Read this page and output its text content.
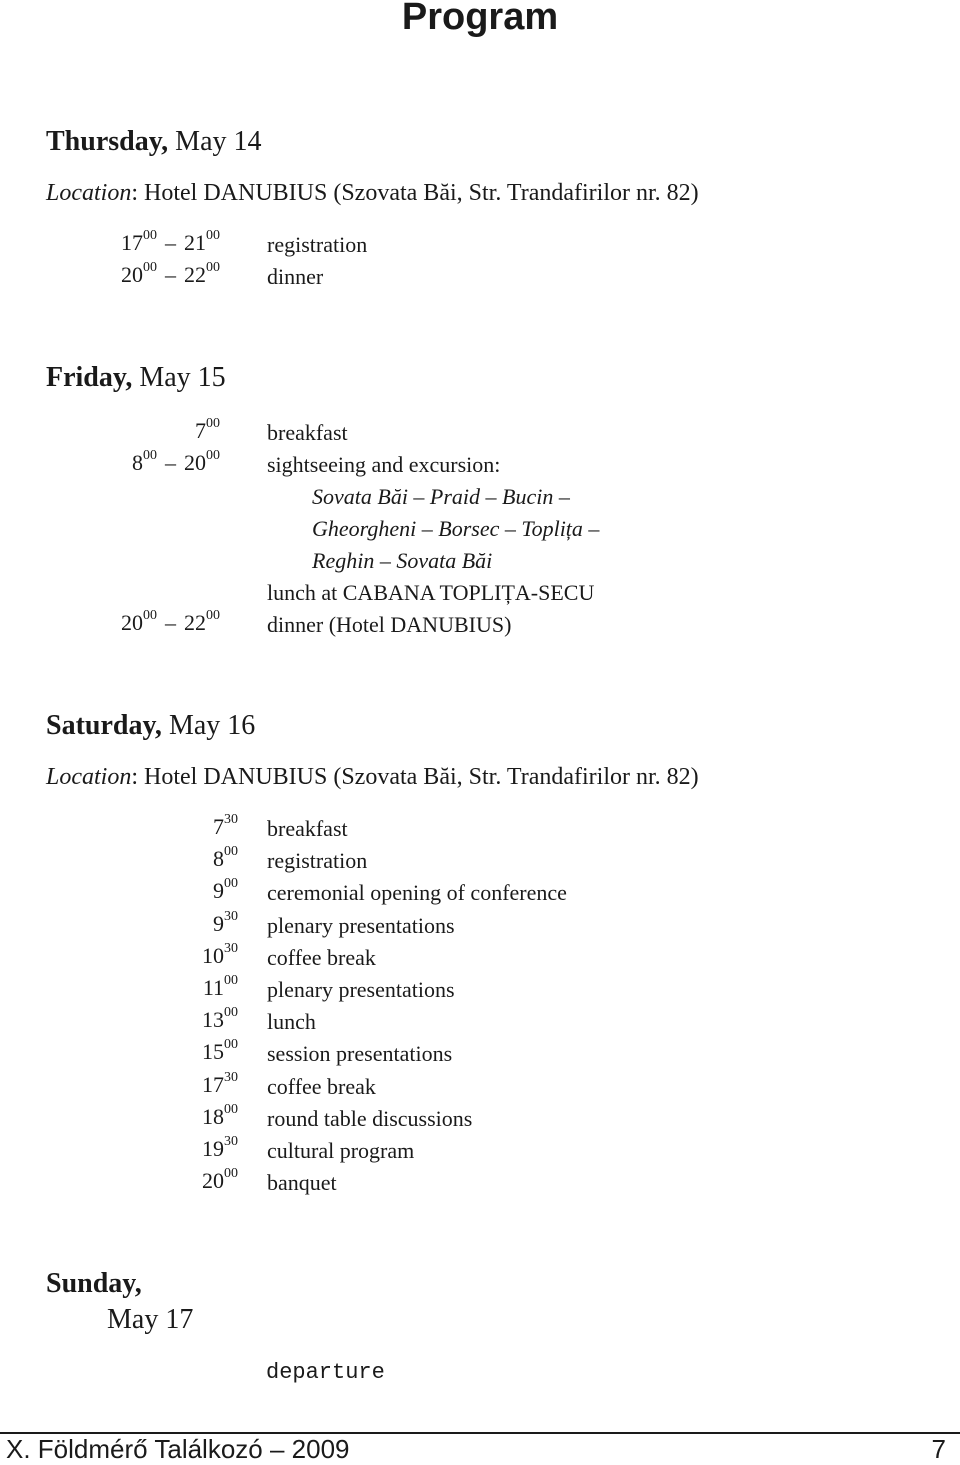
Program
Thursday, May 14
Location: Hotel DANUBIUS (Szovata Băi, Str. Trandafirilor nr. 82)
$17^{00} - 21^{00}$ registration
$20^{00} - 22^{00}$ dinner
Friday, May 15
$7^{00}$ breakfast
$8^{00} - 20^{00}$ sightseeing and excursion:
Sovata Băi – Praid – Bucin –
Gheorgheni – Borsec – Toplița –
Reghin – Sovata Băi
lunch at CABANA TOPLIȚA-SECU
$20^{00} - 22^{00}$ dinner (Hotel DANUBIUS)
Saturday, May 16
Location: Hotel DANUBIUS (Szovata Băi, Str. Trandafirilor nr. 82)
$7^{30}$ breakfast
$8^{00}$ registration
$9^{00}$ ceremonial opening of conference
$9^{30}$ plenary presentations
$10^{30}$ coffee break
$11^{00}$ plenary presentations
$13^{00}$ lunch
$15^{00}$ session presentations
$17^{30}$ coffee break
$18^{00}$ round table discussions
$19^{30}$ cultural program
$20^{00}$ banquet
Sunday,
May 17
departure
X. Földmérő Találkozó – 2009	7
